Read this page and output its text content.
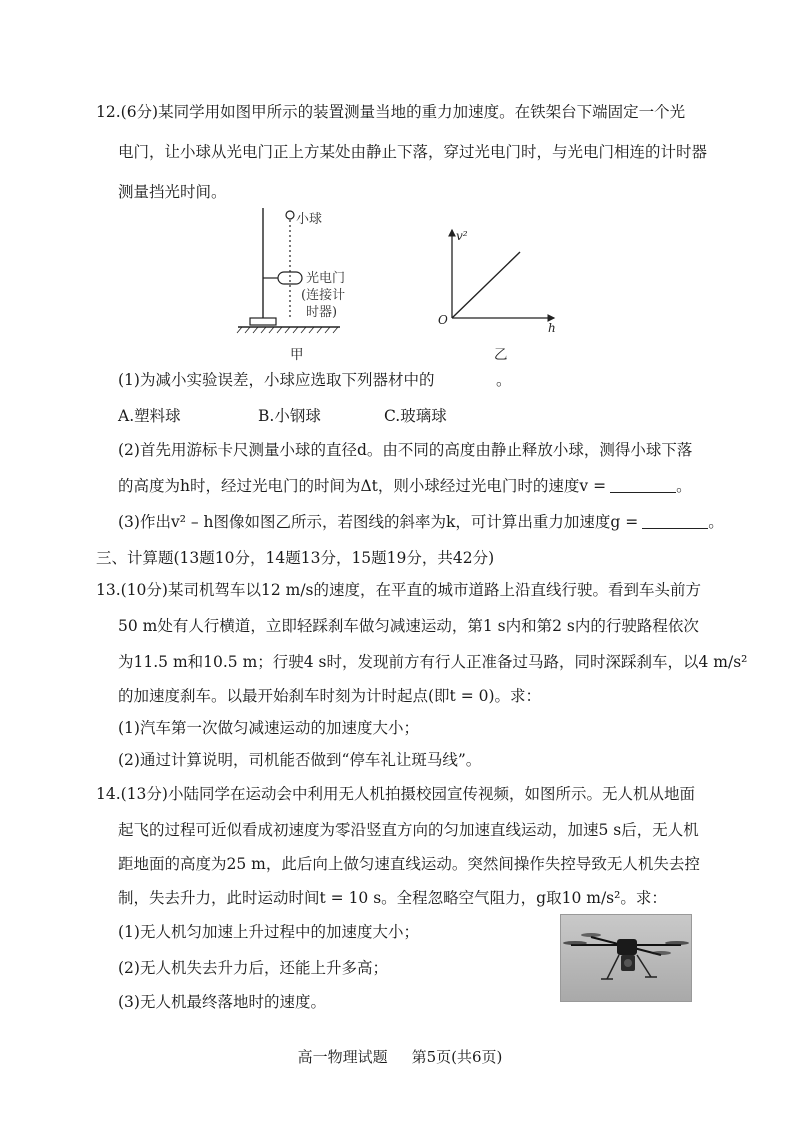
12.(6分)某同学用如图甲所示的装置测量当地的重力加速度。在铁架台下端固定一个光
电门，让小球从光电门正上方某处由静止下落，穿过光电门时，与光电门相连的计时器
测量挡光时间。
小球
光电门
(连接计
时器)
甲
v²
h
O
乙
(1)为减小实验误差，小球应选取下列器材中的	。
A.塑料球	B.小钢球	C.玻璃球
(2)首先用游标卡尺测量小球的直径d。由不同的高度由静止释放小球，测得小球下落
的高度为h时，经过光电门的时间为Δt，则小球经过光电门时的速度v =	。
(3)作出v² – h图像如图乙所示，若图线的斜率为k，可计算出重力加速度g =	。
三、计算题(13题10分，14题13分，15题19分，共42分)
13.(10分)某司机驾车以12 m/s的速度，在平直的城市道路上沿直线行驶。看到车头前方
50 m处有人行横道，立即轻踩刹车做匀减速运动，第1 s内和第2 s内的行驶路程依次
为11.5 m和10.5 m；行驶4 s时，发现前方有行人正准备过马路，同时深踩刹车，以4 m/s²
的加速度刹车。以最开始刹车时刻为计时起点(即t = 0)。求：
(1)汽车第一次做匀减速运动的加速度大小；
(2)通过计算说明，司机能否做到“停车礼让斑马线”。
14.(13分)小陆同学在运动会中利用无人机拍摄校园宣传视频，如图所示。无人机从地面
起飞的过程可近似看成初速度为零沿竖直方向的匀加速直线运动，加速5 s后，无人机
距地面的高度为25 m，此后向上做匀速直线运动。突然间操作失控导致无人机失去控
制，失去升力，此时运动时间t = 10 s。全程忽略空气阻力，g取10 m/s²。求：
(1)无人机匀加速上升过程中的加速度大小；
(2)无人机失去升力后，还能上升多高；
(3)无人机最终落地时的速度。
高一物理试题 第5页(共6页)
